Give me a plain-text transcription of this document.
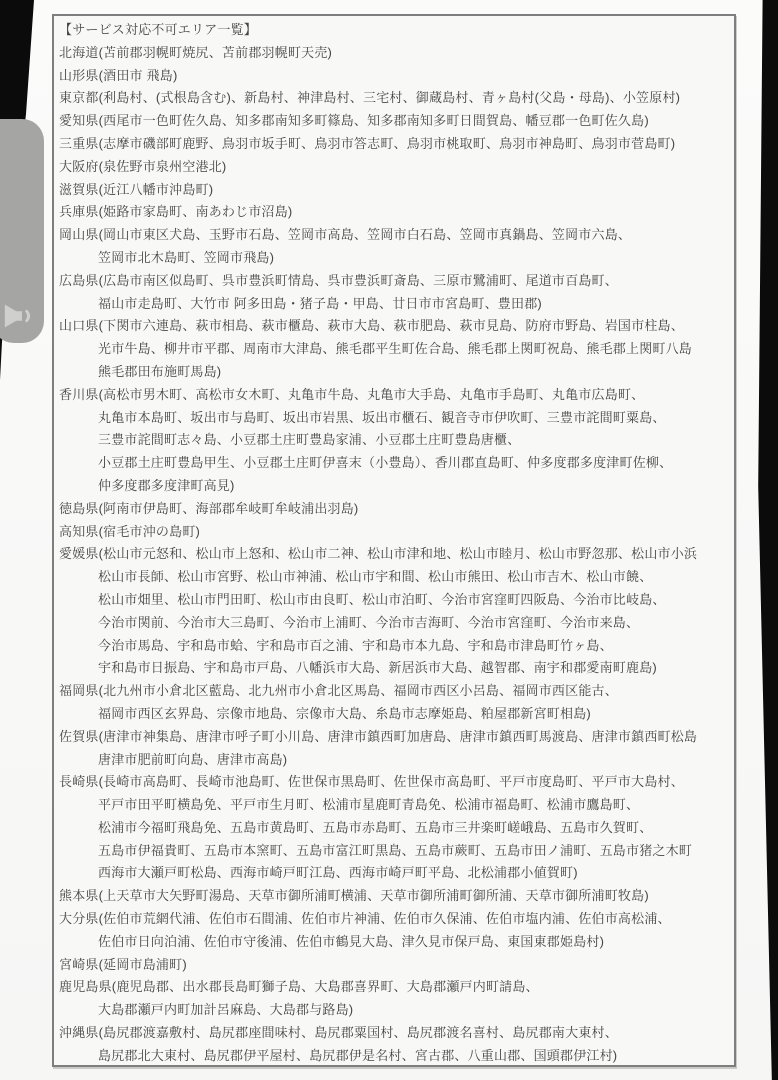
【サービス対応不可エリア一覧】
北海道(苫前郡羽幌町焼尻、苫前郡羽幌町天売)
山形県(酒田市 飛島)
東京都(利島村、(式根島含む)、新島村、神津島村、三宅村、御蔵島村、青ヶ島村(父島・母島)、小笠原村)
愛知県(西尾市一色町佐久島、知多郡南知多町篠島、知多郡南知多町日間賀島、幡豆郡一色町佐久島)
三重県(志摩市磯部町鹿野、鳥羽市坂手町、鳥羽市答志町、鳥羽市桃取町、鳥羽市神島町、鳥羽市菅島町)
大阪府(泉佐野市泉州空港北)
滋賀県(近江八幡市沖島町)
兵庫県(姫路市家島町、南あわじ市沼島)
岡山県(岡山市東区犬島、玉野市石島、笠岡市高島、笠岡市白石島、笠岡市真鍋島、笠岡市六島、
笠岡市北木島町、笠岡市飛島)
広島県(広島市南区似島町、呉市豊浜町情島、呉市豊浜町斎島、三原市鷺浦町、尾道市百島町、
福山市走島町、大竹市 阿多田島・猪子島・甲島、廿日市市宮島町、豊田郡)
山口県(下関市六連島、萩市相島、萩市櫃島、萩市大島、萩市肥島、萩市見島、防府市野島、岩国市柱島、
光市牛島、柳井市平郡、周南市大津島、熊毛郡平生町佐合島、熊毛郡上関町祝島、熊毛郡上関町八島
熊毛郡田布施町馬島)
香川県(高松市男木町、高松市女木町、丸亀市牛島、丸亀市大手島、丸亀市手島町、丸亀市広島町、
丸亀市本島町、坂出市与島町、坂出市岩黒、坂出市櫃石、観音寺市伊吹町、三豊市詫間町粟島、
三豊市詫間町志々島、小豆郡土庄町豊島家浦、小豆郡土庄町豊島唐櫃、
小豆郡土庄町豊島甲生、小豆郡土庄町伊喜末（小豊島）、香川郡直島町、仲多度郡多度津町佐柳、
仲多度郡多度津町高見)
徳島県(阿南市伊島町、海部郡牟岐町牟岐浦出羽島)
高知県(宿毛市沖の島町)
愛媛県(松山市元怒和、松山市上怒和、松山市二神、松山市津和地、松山市睦月、松山市野忽那、松山市小浜
松山市長師、松山市宮野、松山市神浦、松山市宇和間、松山市熊田、松山市吉木、松山市饒、
松山市畑里、松山市門田町、松山市由良町、松山市泊町、今治市宮窪町四阪島、今治市比岐島、
今治市関前、今治市大三島町、今治市上浦町、今治市吉海町、今治市宮窪町、今治市来島、
今治市馬島、宇和島市蛤、宇和島市百之浦、宇和島市本九島、宇和島市津島町竹ヶ島、
宇和島市日振島、宇和島市戸島、八幡浜市大島、新居浜市大島、越智郡、南宇和郡愛南町鹿島)
福岡県(北九州市小倉北区藍島、北九州市小倉北区馬島、福岡市西区小呂島、福岡市西区能古、
福岡市西区玄界島、宗像市地島、宗像市大島、糸島市志摩姫島、粕屋郡新宮町相島)
佐賀県(唐津市神集島、唐津市呼子町小川島、唐津市鎮西町加唐島、唐津市鎮西町馬渡島、唐津市鎮西町松島
唐津市肥前町向島、唐津市高島)
長崎県(長崎市高島町、長崎市池島町、佐世保市黒島町、佐世保市高島町、平戸市度島町、平戸市大島村、
平戸市田平町横島免、平戸市生月町、松浦市星鹿町青島免、松浦市福島町、松浦市鷹島町、
松浦市今福町飛島免、五島市黄島町、五島市赤島町、五島市三井楽町嵯峨島、五島市久賀町、
五島市伊福貴町、五島市本窯町、五島市富江町黒島、五島市蕨町、五島市田ノ浦町、五島市猪之木町
西海市大瀬戸町松島、西海市崎戸町江島、西海市崎戸町平島、北松浦郡小値賀町)
熊本県(上天草市大矢野町湯島、天草市御所浦町横浦、天草市御所浦町御所浦、天草市御所浦町牧島)
大分県(佐伯市荒網代浦、佐伯市石間浦、佐伯市片神浦、佐伯市久保浦、佐伯市塩内浦、佐伯市高松浦、
佐伯市日向泊浦、佐伯市守後浦、佐伯市鶴見大島、津久見市保戸島、東国東郡姫島村)
宮崎県(延岡市島浦町)
鹿児島県(鹿児島郡、出水郡長島町獅子島、大島郡喜界町、大島郡瀬戸内町請島、
大島郡瀬戸内町加計呂麻島、大島郡与路島)
沖縄県(島尻郡渡嘉敷村、島尻郡座間味村、島尻郡粟国村、島尻郡渡名喜村、島尻郡南大東村、
島尻郡北大東村、島尻郡伊平屋村、島尻郡伊是名村、宮古郡、八重山郡、国頭郡伊江村)
